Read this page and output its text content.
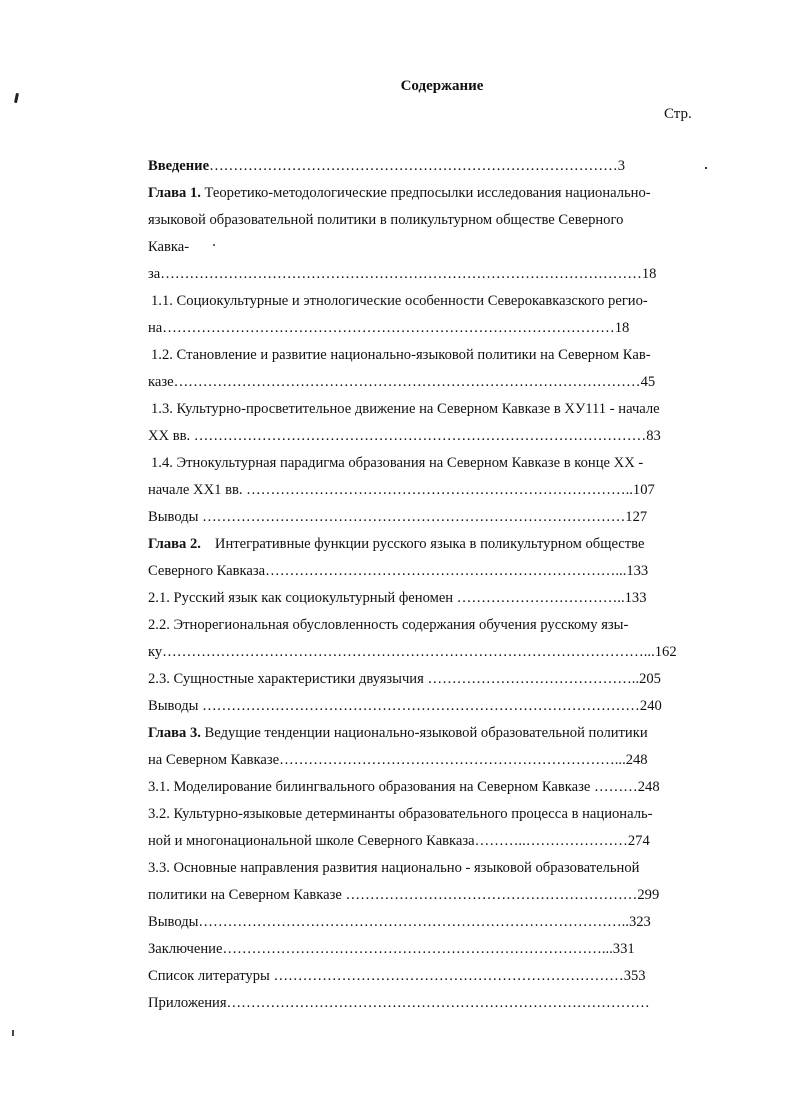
Содержание
Стр.
Введение…………………………………………………………………………3
Глава 1. Теоретико-методологические предпосылки исследования национально-
языковой образовательной политики в поликультурном обществе Северного
Кавка-
за………………………………………………………………………………………18
1.1. Социокультурные и этнологические особенности Северокавказского регио-
на…………………………………………………………………………………18
1.2. Становление и развитие национально-языковой политики на Северном Кав-
казе……………………………………………………………………………………45
1.3. Культурно-просветительное движение на Северном Кавказе в ХУ111 - начале
XX вв. …………………………………………………………………………………83
1.4. Этнокультурная парадигма образования на Северном Кавказе в конце XX -
начале XX1 вв. ……………………………………………………………………..107
Выводы ……………………………………………………………………………127
Глава 2. Интегративные функции русского языка в поликультурном обществе
Северного Кавказа………………………………………………………………...133
2.1. Русский язык как социокультурный феномен ……………………………..133
2.2. Этнорегиональная обусловленность содержания обучения русскому язы-
ку………………………………………………………………………………………...162
2.3. Сущностные характеристики двуязычия ……………………………………..205
Выводы ………………………………………………………………………………240
Глава 3. Ведущие тенденции национально-языковой образовательной политики
на Северном Кавказе……………………………………………………………...248
3.1. Моделирование билингвального образования на Северном Кавказе ………248
3.2. Культурно-языковые детерминанты образовательного процесса в националь-
ной и многонациональной школе Северного Кавказа………..…………………274
3.3. Основные направления развития национально - языковой образовательной
политики на Северном Кавказе ……………………………………………………299
Выводы……………………………………………………………………………..323
Заключение……………………………………………………………………...331
Список литературы ………………………………………………………………353
Приложения……………………………………………………………………………
